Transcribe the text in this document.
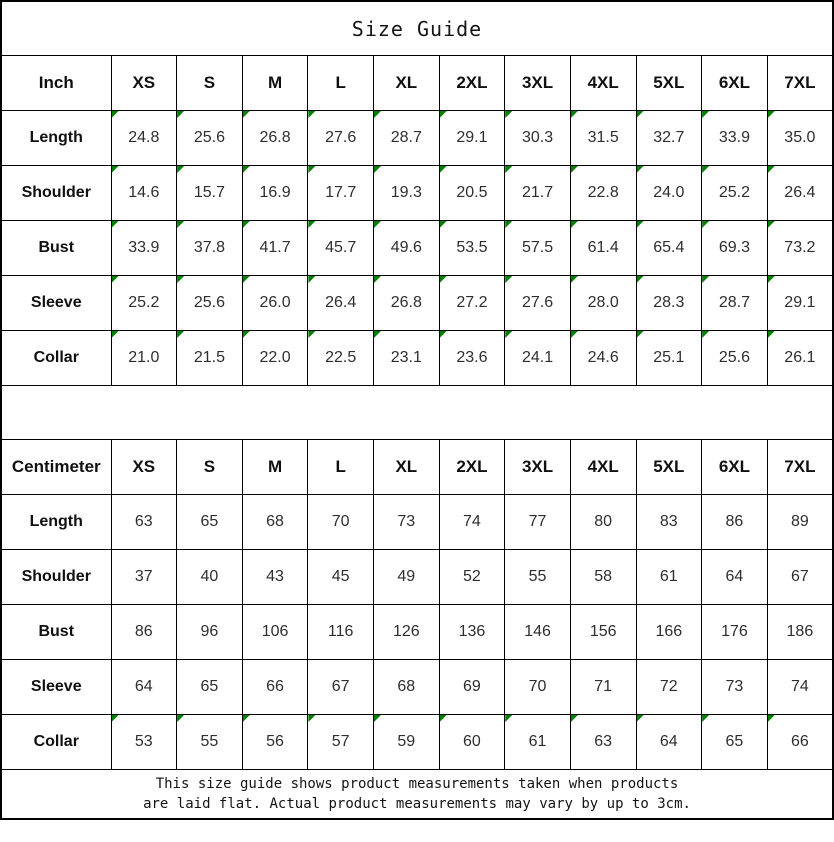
Size Guide											
Inch	XS	S	M	L	XL	2XL	3XL	4XL	5XL	6XL	7XL
Length	24.8	25.6	26.8	27.6	28.7	29.1	30.3	31.5	32.7	33.9	35.0

Shoulder	14.6	15.7	16.9	17.7	19.3	20.5	21.7	22.8	24.0	25.2	26.4

Bust	33.9	37.8	41.7	45.7	49.6	53.5	57.5	61.4	65.4	69.3	73.2

Sleeve	25.2	25.6	26.0	26.4	26.8	27.2	27.6	28.0	28.3	28.7	29.1

Collar	21.0	21.5	22.0	22.5	23.1	23.6	24.1	24.6	25.1	25.6	26.1

Centimeter	XS	S	M	L	XL	2XL	3XL	4XL	5XL	6XL	7XL
Length	63	65	68	70	73	74	77	80	83	86	89
Shoulder	37	40	43	45	49	52	55	58	61	64	67
Bust	86	96	106	116	126	136	146	156	166	176	186
Sleeve	64	65	66	67	68	69	70	71	72	73	74
Collar	53	55	56	57	59	60	61	63	64	65	66

This size guide shows product measurements taken when products
are laid flat. Actual product measurements may vary by up to 3cm.											
